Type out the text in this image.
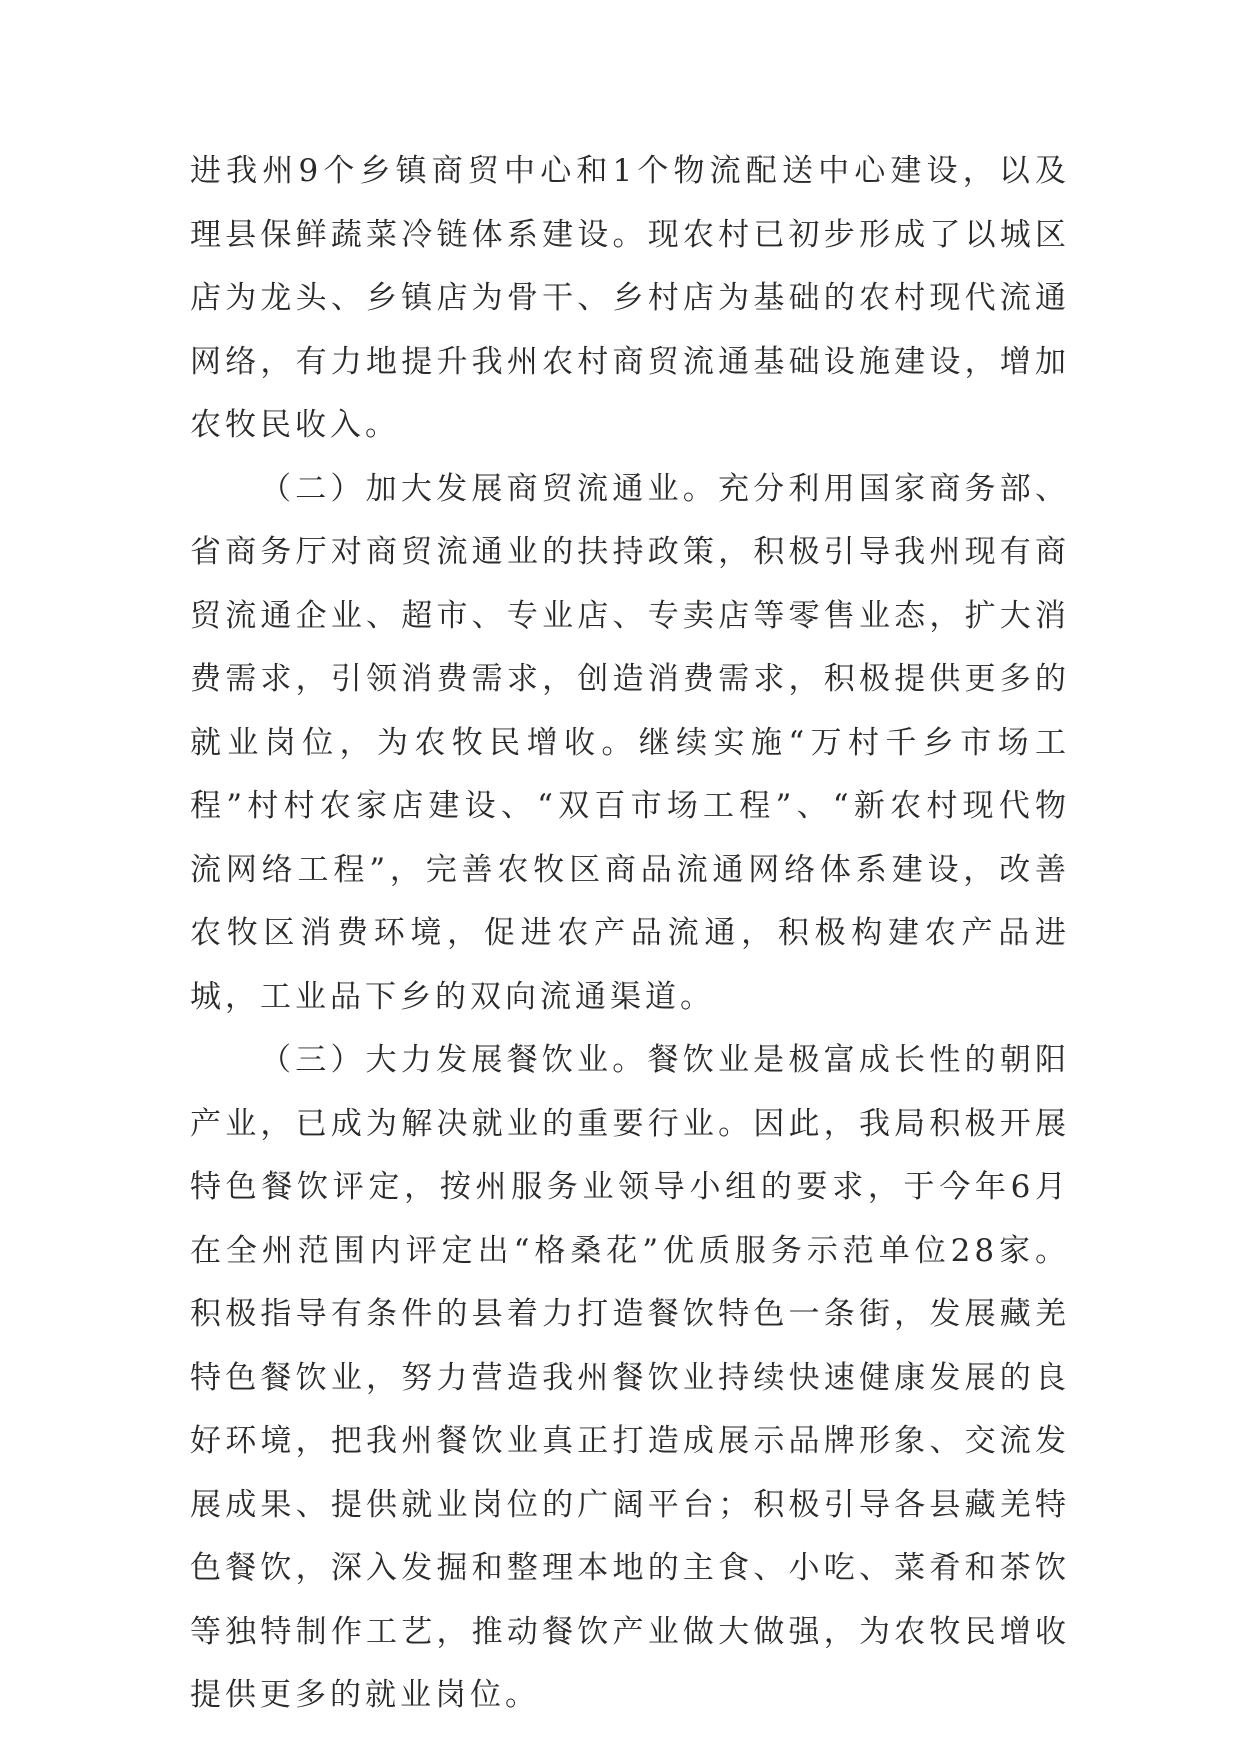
进我州9个乡镇商贸中心和1个物流配送中心建设，以及理县保鲜蔬菜冷链体系建设。现农村已初步形成了以城区店为龙头、乡镇店为骨干、乡村店为基础的农村现代流通网络，有力地提升我州农村商贸流通基础设施建设，增加农牧民收入。

（二）加大发展商贸流通业。充分利用国家商务部、省商务厅对商贸流通业的扶持政策，积极引导我州现有商贸流通企业、超市、专业店、专卖店等零售业态，扩大消费需求，引领消费需求，创造消费需求，积极提供更多的就业岗位，为农牧民增收。继续实施“万村千乡市场工程”村村农家店建设、“双百市场工程”、“新农村现代物流网络工程”，完善农牧区商品流通网络体系建设，改善农牧区消费环境，促进农产品流通，积极构建农产品进城，工业品下乡的双向流通渠道。

（三）大力发展餐饮业。餐饮业是极富成长性的朝阳产业，已成为解决就业的重要行业。因此，我局积极开展特色餐饮评定，按州服务业领导小组的要求，于今年6月在全州范围内评定出“格桑花”优质服务示范单位28家。积极指导有条件的县着力打造餐饮特色一条街，发展藏羌特色餐饮业，努力营造我州餐饮业持续快速健康发展的良好环境，把我州餐饮业真正打造成展示品牌形象、交流发展成果、提供就业岗位的广阔平台；积极引导各县藏羌特色餐饮，深入发掘和整理本地的主食、小吃、菜肴和茶饮等独特制作工艺，推动餐饮产业做大做强，为农牧民增收提供更多的就业岗位。
